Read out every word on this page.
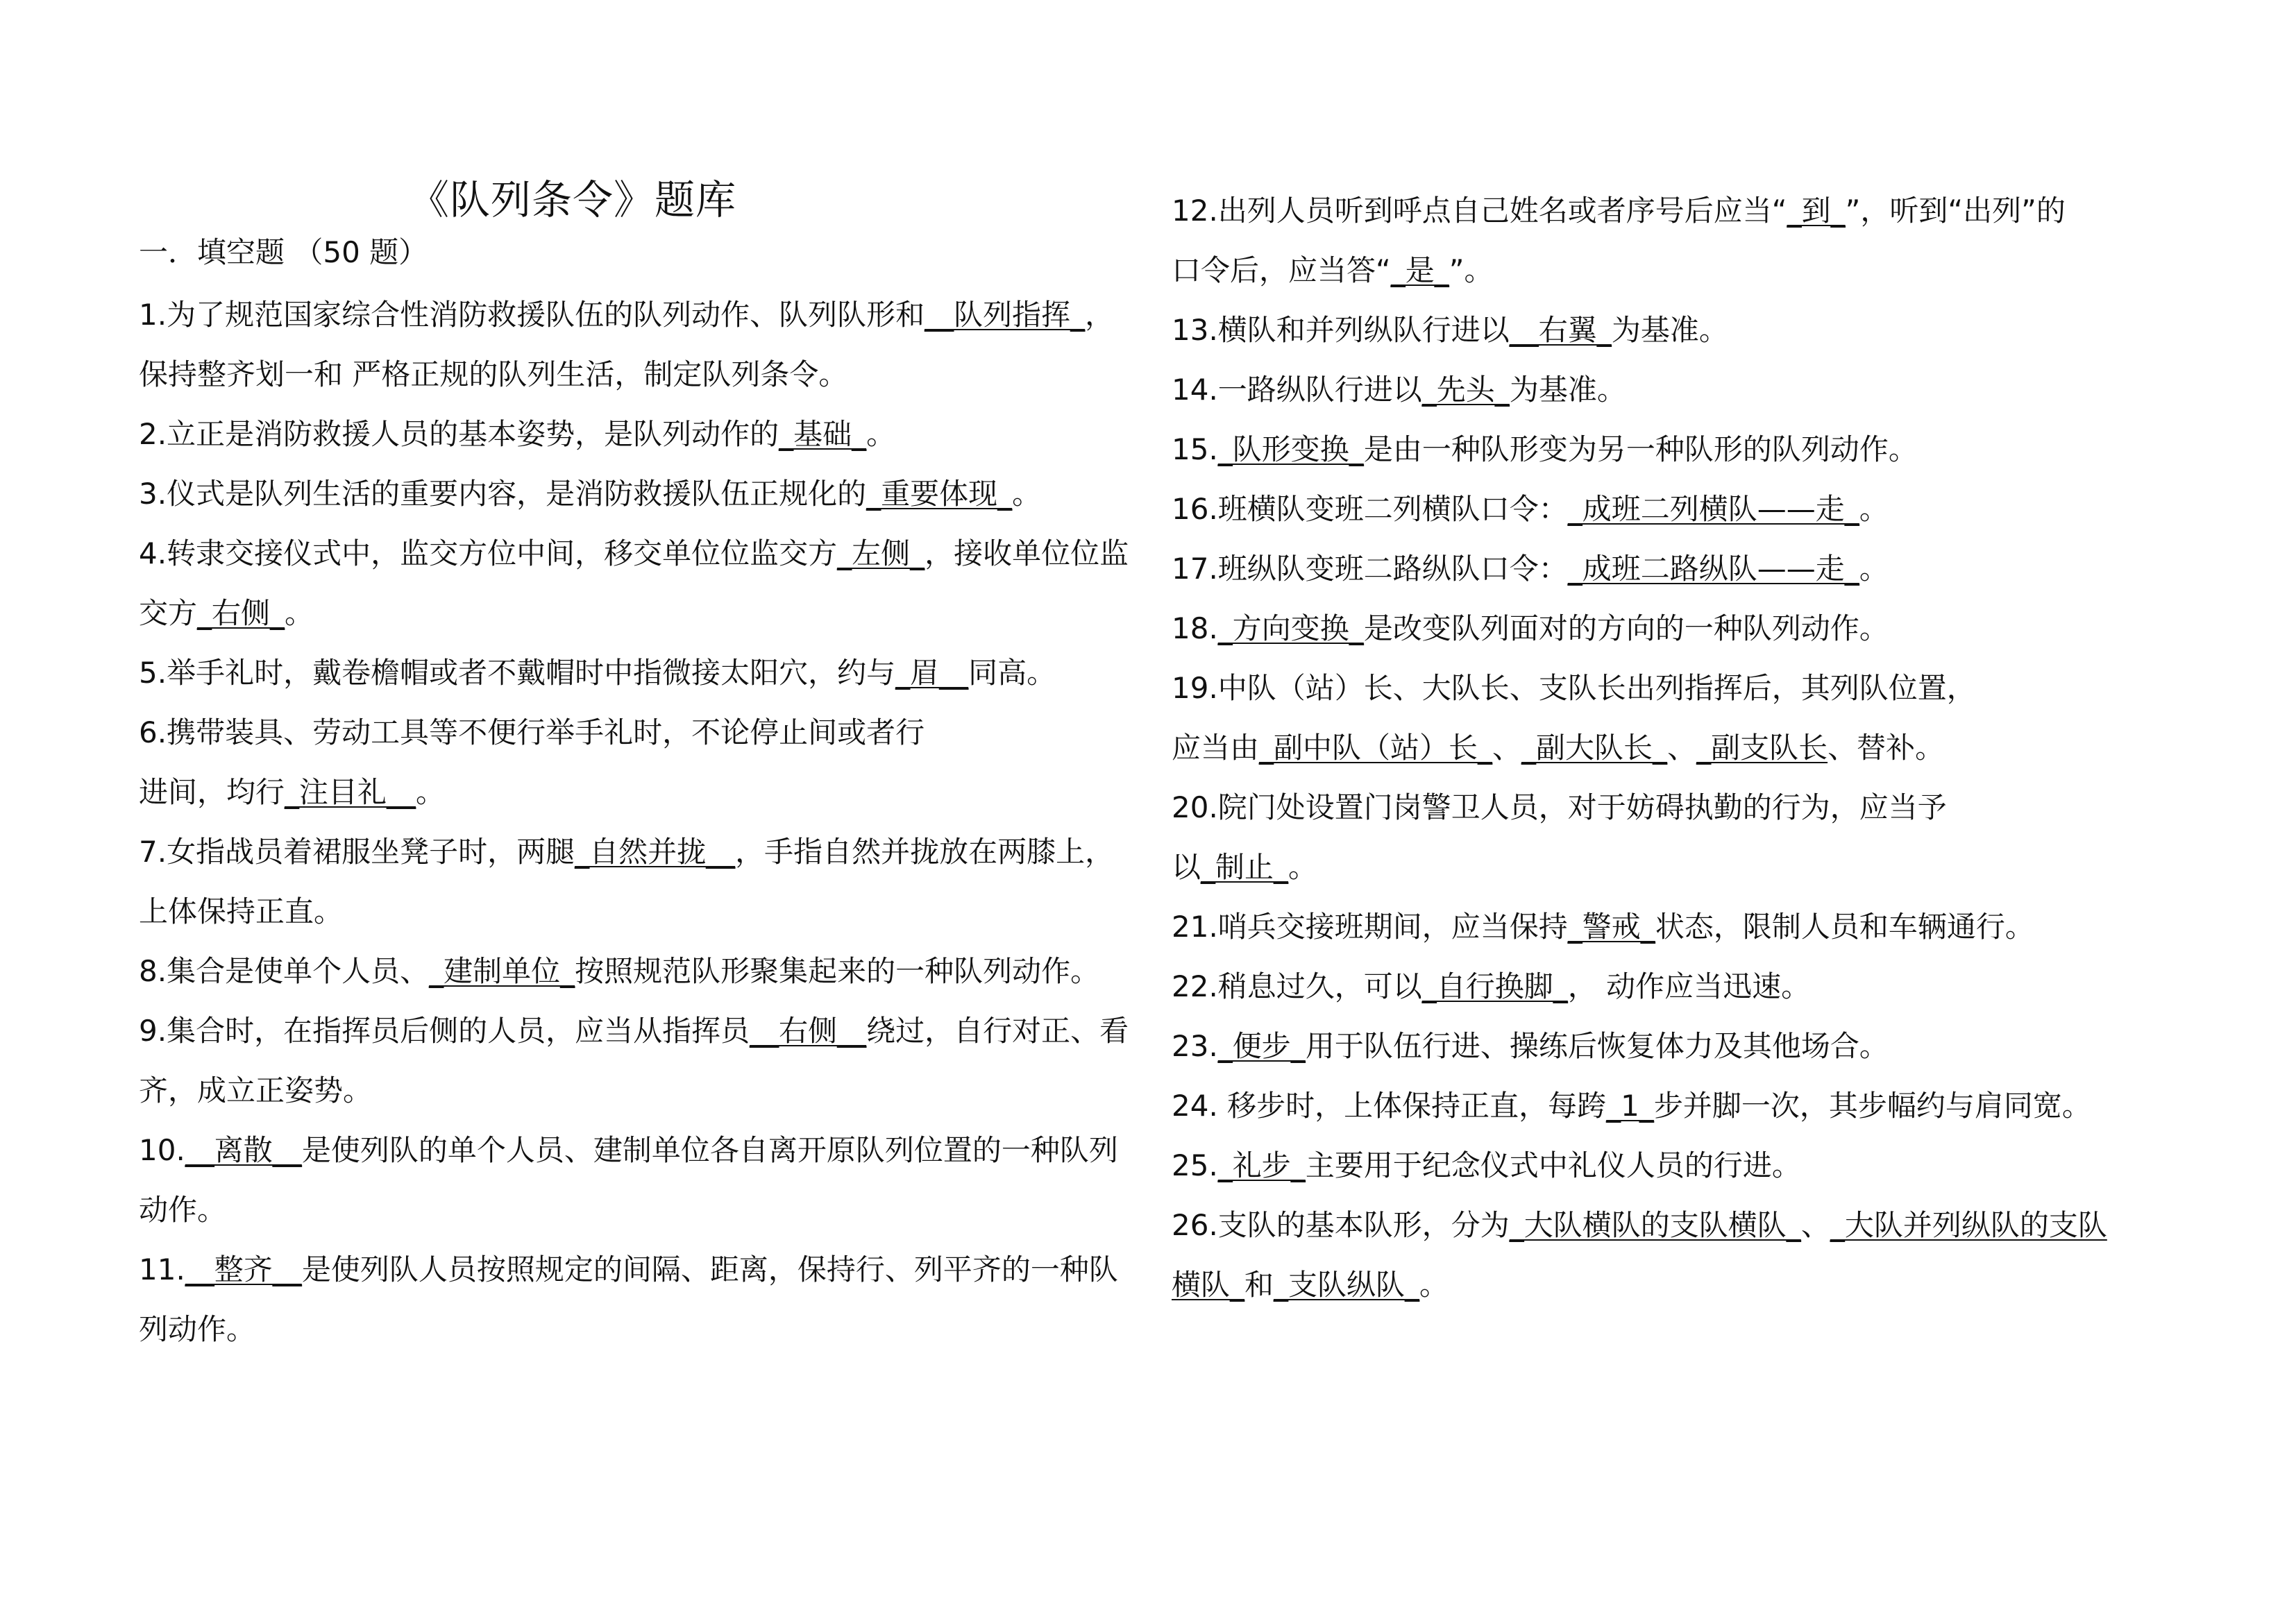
《队列条令》题库
一．填空题 （50 题）
1.为了规范国家综合性消防救援队伍的队列动作、队列队形和__队列指挥_，
保持整齐划一和 严格正规的队列生活，制定队列条令。
2.立正是消防救援人员的基本姿势，是队列动作的_基础_。
3.仪式是队列生活的重要内容，是消防救援队伍正规化的_重要体现_。
4.转隶交接仪式中，监交方位中间，移交单位位监交方_左侧_，接收单位位监
交方_右侧_。
5.举手礼时，戴卷檐帽或者不戴帽时中指微接太阳穴，约与_眉__同高。
6.携带装具、劳动工具等不便行举手礼时，不论停止间或者行
进间，均行_注目礼__。
7.女指战员着裙服坐凳子时，两腿_自然并拢__，手指自然并拢放在两膝上，
上体保持正直。
8.集合是使单个人员、_建制单位_按照规范队形聚集起来的一种队列动作。
9.集合时，在指挥员后侧的人员，应当从指挥员__右侧__绕过，自行对正、看
齐，成立正姿势。
10.__离散__是使列队的单个人员、建制单位各自离开原队列位置的一种队列
动作。
11.__整齐__是使列队人员按照规定的间隔、距离，保持行、列平齐的一种队
列动作。
12.出列人员听到呼点自己姓名或者序号后应当“_到_”，听到“出列”的
口令后，应当答“_是_”。
13.横队和并列纵队行进以__右翼_为基准。
14.一路纵队行进以_先头_为基准。
15._队形变换_是由一种队形变为另一种队形的队列动作。
16.班横队变班二列横队口令：_成班二列横队——走_。
17.班纵队变班二路纵队口令：_成班二路纵队——走_。
18._方向变换_是改变队列面对的方向的一种队列动作。
19.中队（站）长、大队长、支队长出列指挥后，其列队位置，
应当由_副中队（站）长_、_副大队长_、_副支队长、替补。
20.院门处设置门岗警卫人员，对于妨碍执勤的行为，应当予
以_制止_。
21.哨兵交接班期间，应当保持_警戒_状态，限制人员和车辆通行。
22.稍息过久，可以_自行换脚_， 动作应当迅速。
23._便步_用于队伍行进、操练后恢复体力及其他场合。
24. 移步时，上体保持正直，每跨_1_步并脚一次，其步幅约与肩同宽。
25._礼步_主要用于纪念仪式中礼仪人员的行进。
26.支队的基本队形，分为_大队横队的支队横队_、_大队并列纵队的支队
横队_和_支队纵队_。
